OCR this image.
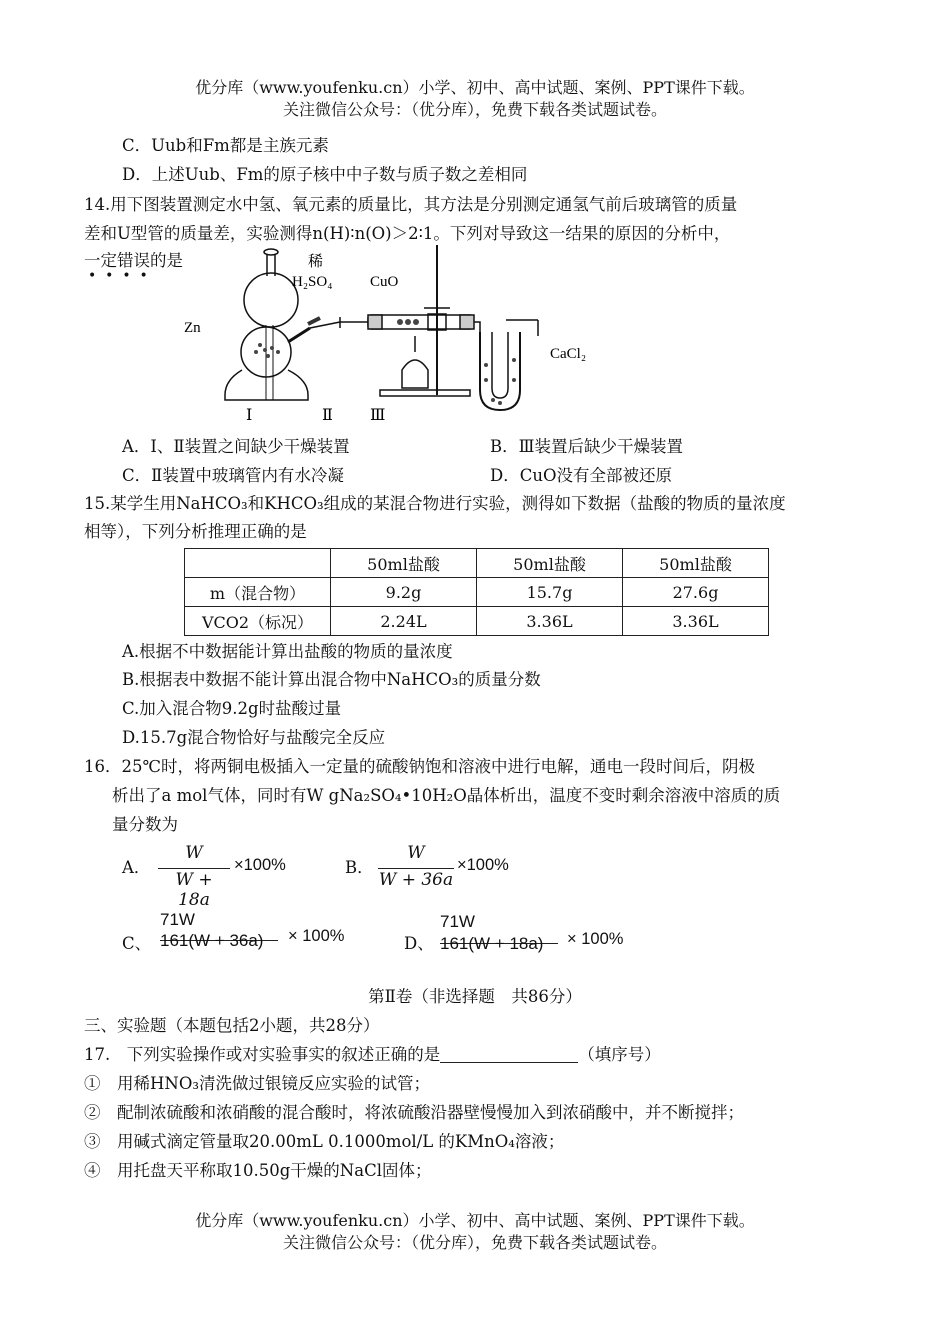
优分库（www.youfenku.cn）小学、初中、高中试题、案例、PPT课件下载。
关注微信公众号：（优分库），免费下载各类试题试卷。
C．Uub和Fm都是主族元素
D．上述Uub、Fm的原子核中中子数与质子数之差相同
14.用下图装置测定水中氢、氧元素的质量比，其方法是分别测定通氢气前后玻璃管的质量
差和U型管的质量差，实验测得n(H)∶n(O)＞2∶1。下列对导致这一结果的原因的分析中，
一定错误的是
•  •  •  •
稀
H₂SO₄	CuO
Zn
CaCl₂
Ⅰ	Ⅱ Ⅲ
A．Ⅰ、Ⅱ装置之间缺少干燥装置	B．Ⅲ装置后缺少干燥装置
C．Ⅱ装置中玻璃管内有水冷凝	D．CuO没有全部被还原
15.某学生用NaHCO₃和KHCO₃组成的某混合物进行实验，测得如下数据（盐酸的物质的量浓度
相等），下列分析推理正确的是
	50ml盐酸	50ml盐酸	50ml盐酸
m（混合物）	9.2g	15.7g	27.6g
VCO2（标况）	2.24L	3.36L	3.36L
A.根据不中数据能计算出盐酸的物质的量浓度
B.根据表中数据不能计算出混合物中NaHCO₃的质量分数
C.加入混合物9.2g时盐酸过量
D.15.7g混合物恰好与盐酸完全反应
16．25℃时，将两铜电极插入一定量的硫酸钠饱和溶液中进行电解，通电一段时间后，阴极
析出了a mol气体，同时有W gNa₂SO₄•10H₂O晶体析出，温度不变时剩余溶液中溶质的质
量分数为
A．
W
W + 18a
×100%	B．
W
W + 36a
×100%
C、
71W
161(W + 36a) × 100%	D、
71W
161(W + 18a) × 100%
第Ⅱ卷（非选择题　共86分）
三、实验题（本题包括2小题，共28分）
17.　下列实验操作或对实验事实的叙述正确的是	（填序号）
①　用稀HNO₃清洗做过银镜反应实验的试管；
②　配制浓硫酸和浓硝酸的混合酸时，将浓硫酸沿器壁慢慢加入到浓硝酸中，并不断搅拌；
③　用碱式滴定管量取20.00mL 0.1000mol/L 的KMnO₄溶液；
④　用托盘天平称取10.50g干燥的NaCl固体；
优分库（www.youfenku.cn）小学、初中、高中试题、案例、PPT课件下载。
关注微信公众号：（优分库），免费下载各类试题试卷。
